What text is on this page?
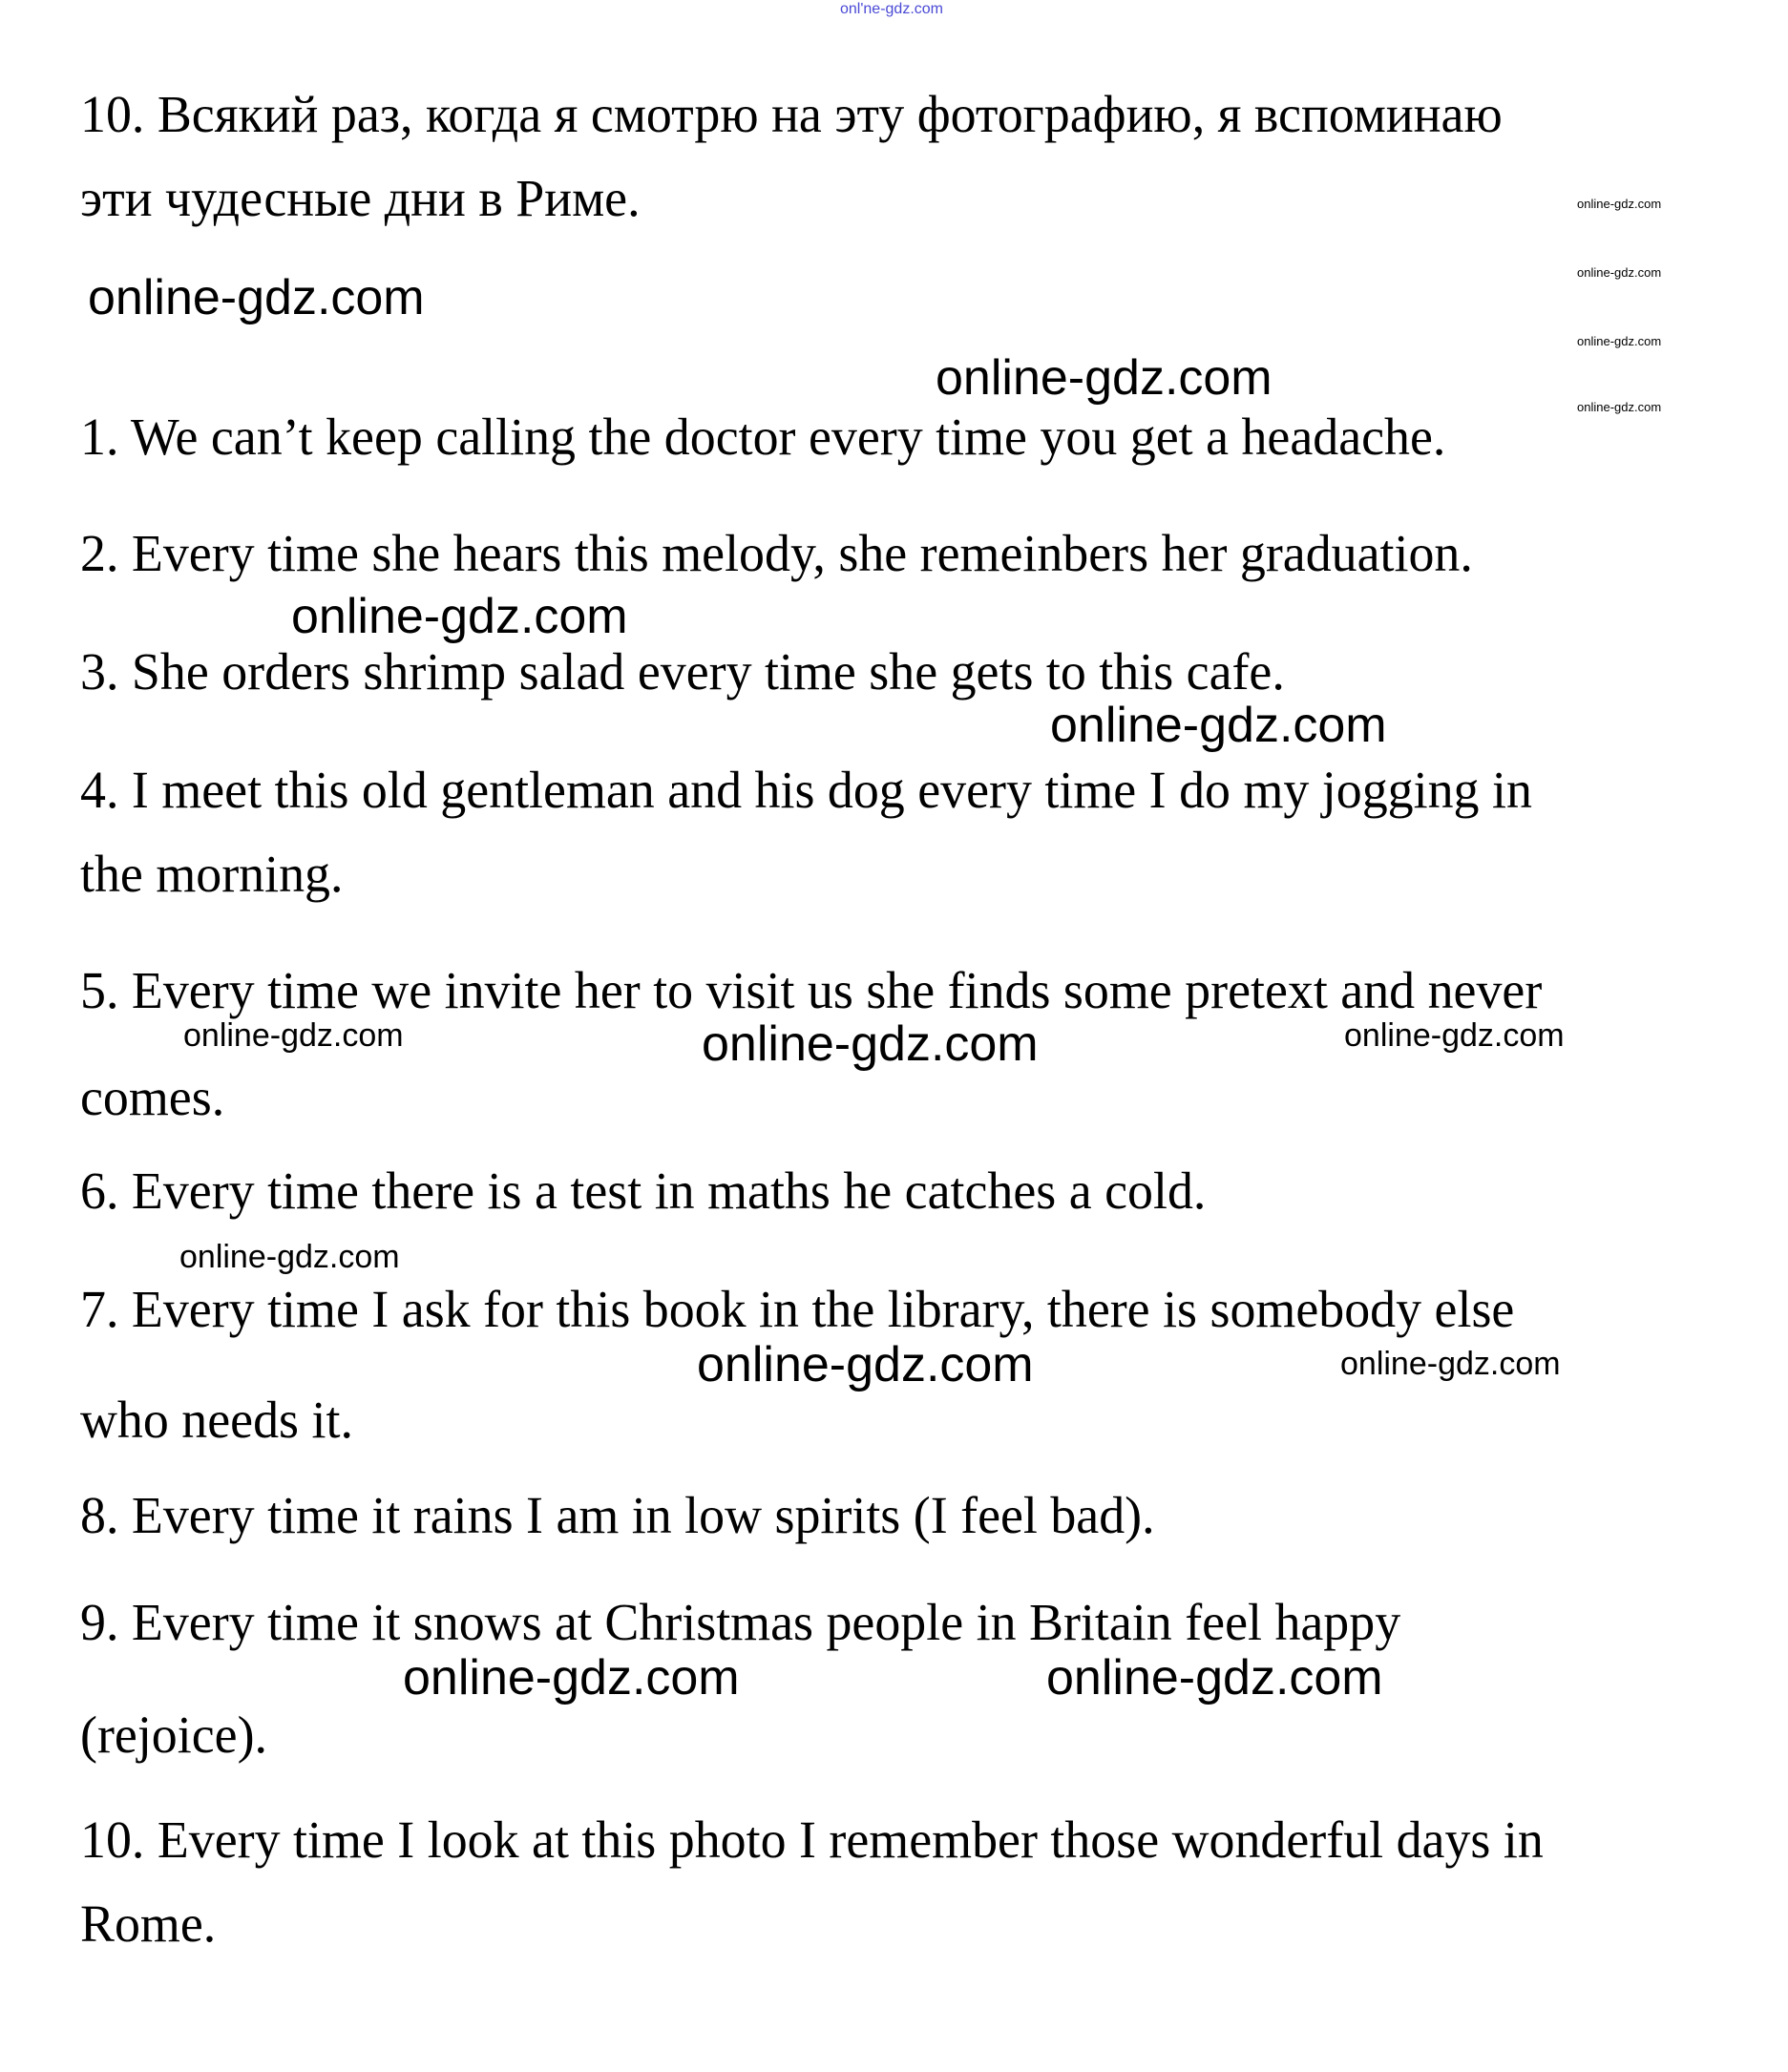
onl'ne-gdz.com
10. Всякий раз, когда я смотрю на эту фотографию, я вспоминаю
эти чудесные дни в Риме.	online-gdz.com
online-gdz.com
online-gdz.com
online-gdz.com
online-gdz.com
online-gdz.com
1. We can’t keep calling the doctor every time you get a headache.
2. Every time she hears this melody, she remeinbers her graduation.
online-gdz.com
3. She orders shrimp salad every time she gets to this cafe.
online-gdz.com
4. I meet this old gentleman and his dog every time I do my jogging in
the morning.
5. Every time we invite her to visit us she finds some pretext and never
online-gdz.com
online-gdz.com
online-gdz.com
comes.
6. Every time there is a test in maths he catches a cold.
online-gdz.com
7. Every time I ask for this book in the library, there is somebody else
online-gdz.com	online-gdz.com
who needs it.
8. Every time it rains I am in low spirits (I feel bad).
9. Every time it snows at Christmas people in Britain feel happy
online-gdz.com	online-gdz.com
(rejoice).
10. Every time I look at this photo I remember those wonderful days in
Rome.
